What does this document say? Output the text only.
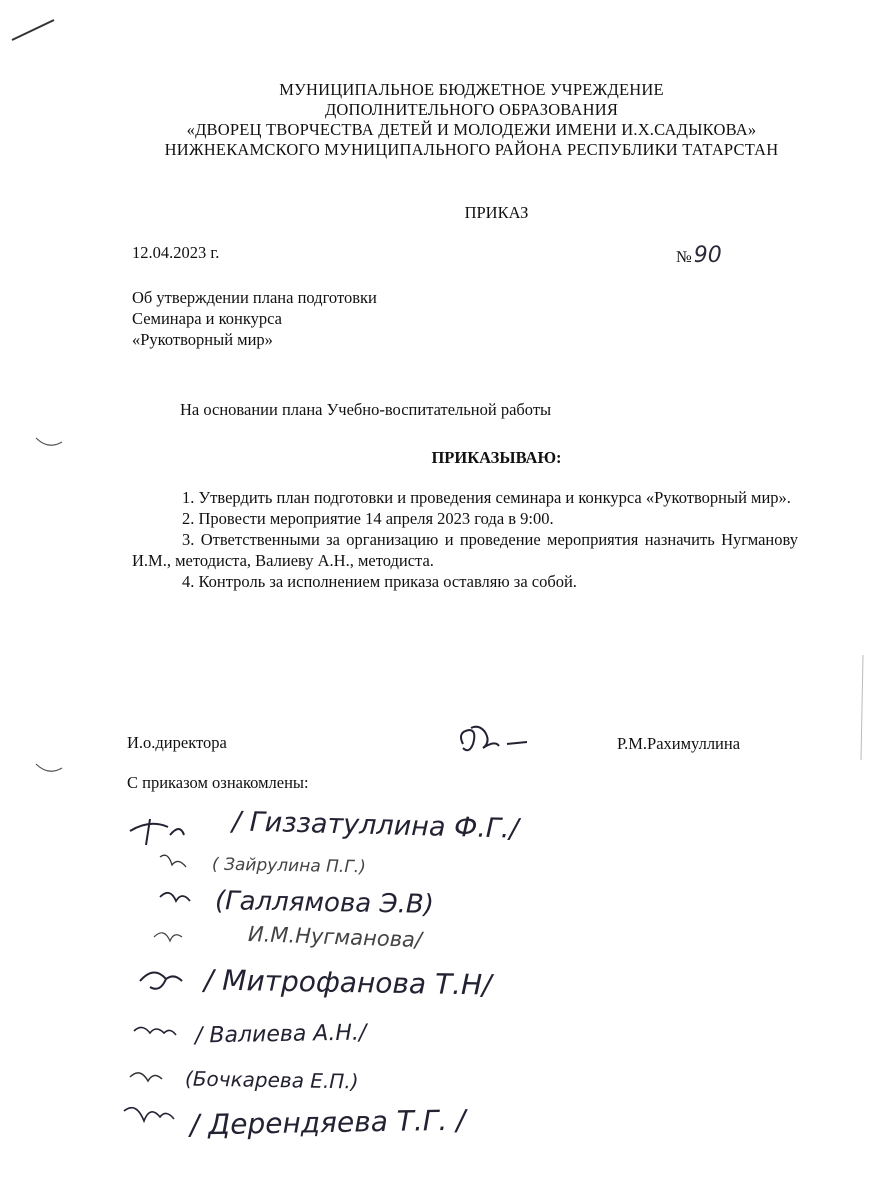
МУНИЦИПАЛЬНОЕ БЮДЖЕТНОЕ УЧРЕЖДЕНИЕ
ДОПОЛНИТЕЛЬНОГО ОБРАЗОВАНИЯ
«ДВОРЕЦ ТВОРЧЕСТВА ДЕТЕЙ И МОЛОДЕЖИ ИМЕНИ И.Х.САДЫКОВА»
НИЖНЕКАМСКОГО МУНИЦИПАЛЬНОГО РАЙОНА РЕСПУБЛИКИ ТАТАРСТАН
ПРИКАЗ
12.04.2023 г.	№90
Об утверждении плана подготовки
Семинара и конкурса
«Рукотворный мир»
На основании плана Учебно-воспитательной работы
ПРИКАЗЫВАЮ:

1. Утвердить план подготовки и проведения семинара и конкурса «Рукотворный мир».

2. Провести мероприятие 14 апреля 2023 года в 9:00.

3. Ответственными за организацию и проведение мероприятия назначить Нугманову И.М., методиста, Валиеву А.Н., методиста.

4. Контроль за исполнением приказа оставляю за собой.

И.о.директора	Р.М.Рахимуллина
С приказом ознакомлены:
/ Гиззатуллина Ф.Г./
( Зайрулина П.Г.)
(Галлямова Э.В)
И.М.Нугманова/
/ Митрофанова Т.Н/
/ Валиева А.Н./
(Бочкарева Е.П.)
/ Дерендяева Т.Г. /
